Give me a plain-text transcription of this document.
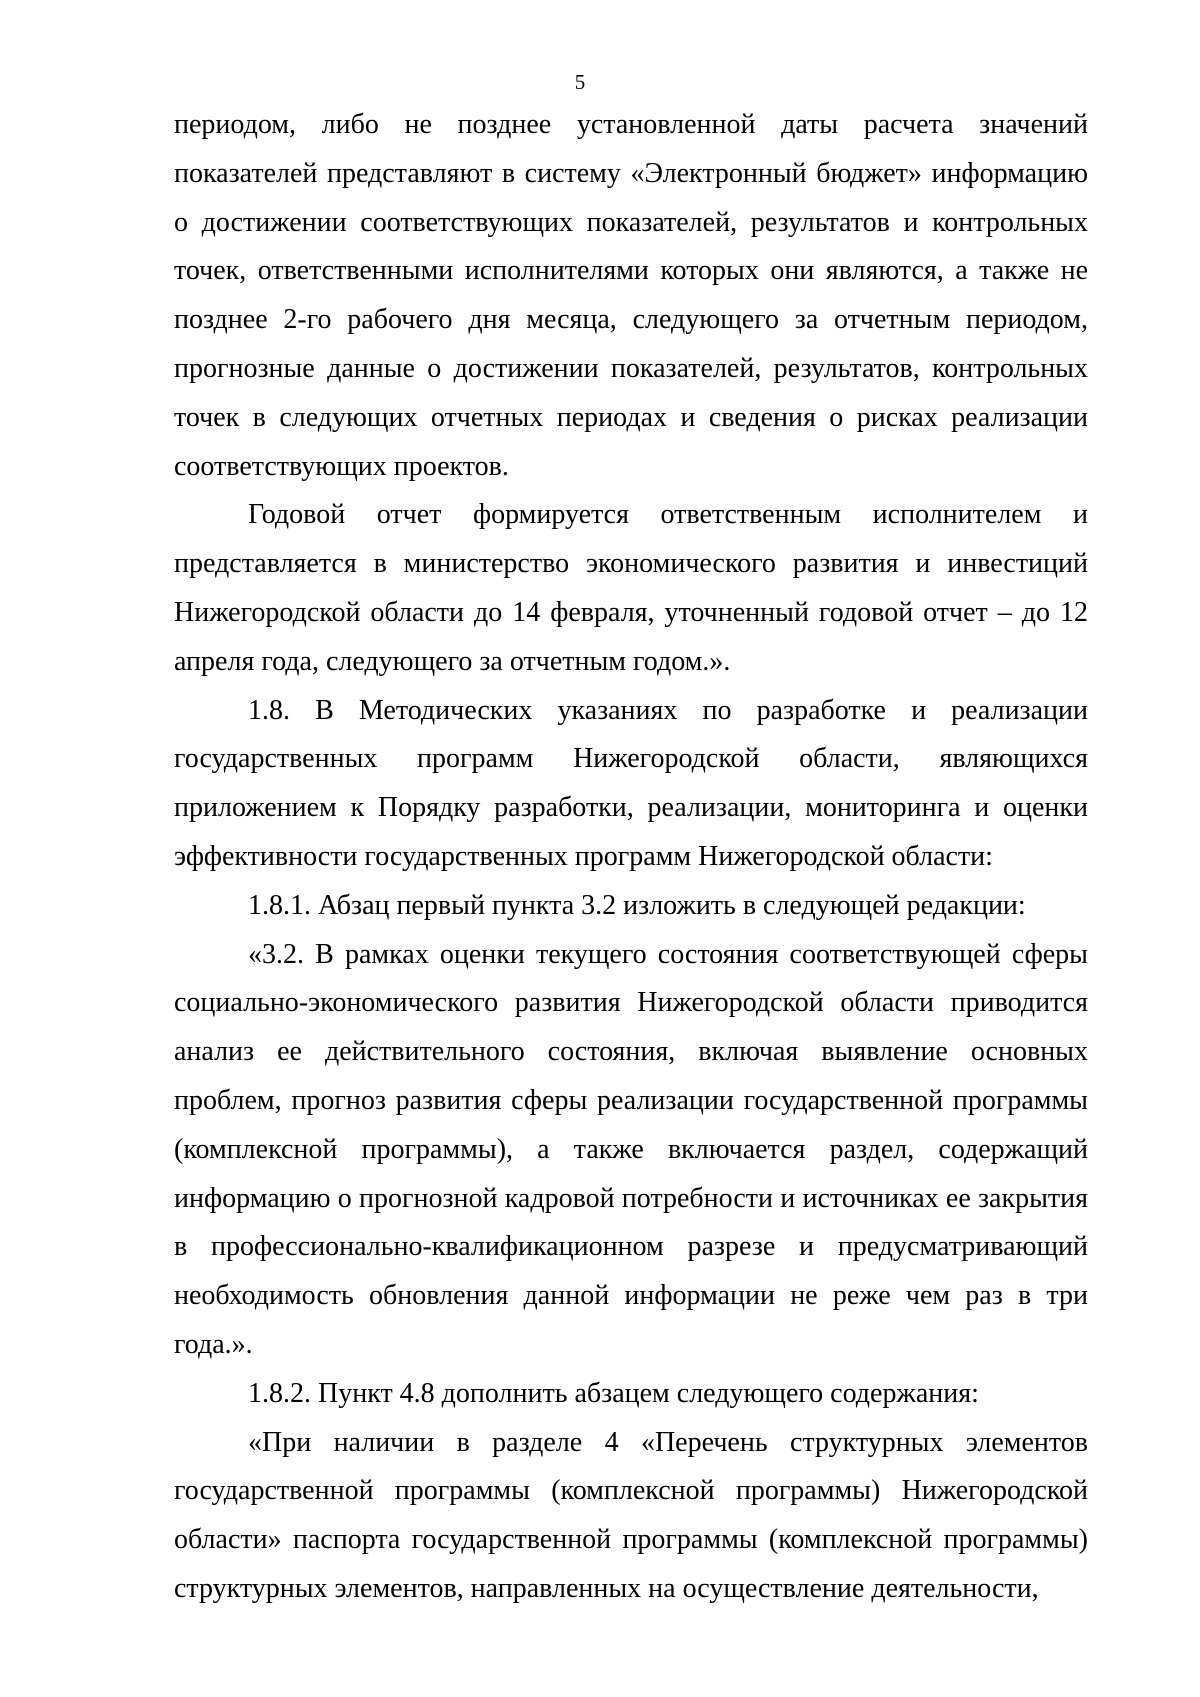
5

периодом, либо не позднее установленной даты расчета значений показателей представляют в систему «Электронный бюджет» информацию о достижении соответствующих показателей, результатов и контрольных точек, ответственными исполнителями которых они являются, а также не позднее 2-го рабочего дня месяца, следующего за отчетным периодом, прогнозные данные о достижении показателей, результатов, контрольных точек в следующих отчетных периодах и сведения о рисках реализации соответствующих проектов.

Годовой отчет формируется ответственным исполнителем и представляется в министерство экономического развития и инвестиций Нижегородской области до 14 февраля, уточненный годовой отчет – до 12 апреля года, следующего за отчетным годом.».

1.8. В Методических указаниях по разработке и реализации государственных программ Нижегородской области, являющихся приложением к Порядку разработки, реализации, мониторинга и оценки эффективности государственных программ Нижегородской области:

1.8.1. Абзац первый пункта 3.2 изложить в следующей редакции:

«3.2. В рамках оценки текущего состояния соответствующей сферы социально-экономического развития Нижегородской области приводится анализ ее действительного состояния, включая выявление основных проблем, прогноз развития сферы реализации государственной программы (комплексной программы), а также включается раздел, содержащий информацию о прогнозной кадровой потребности и источниках ее закрытия в профессионально-квалификационном разрезе и предусматривающий необходимость обновления данной информации не реже чем раз в три года.».

1.8.2. Пункт 4.8 дополнить абзацем следующего содержания:

«При наличии в разделе 4 «Перечень структурных элементов государственной программы (комплексной программы) Нижегородской области» паспорта государственной программы (комплексной программы) структурных элементов, направленных на осуществление деятельности,
